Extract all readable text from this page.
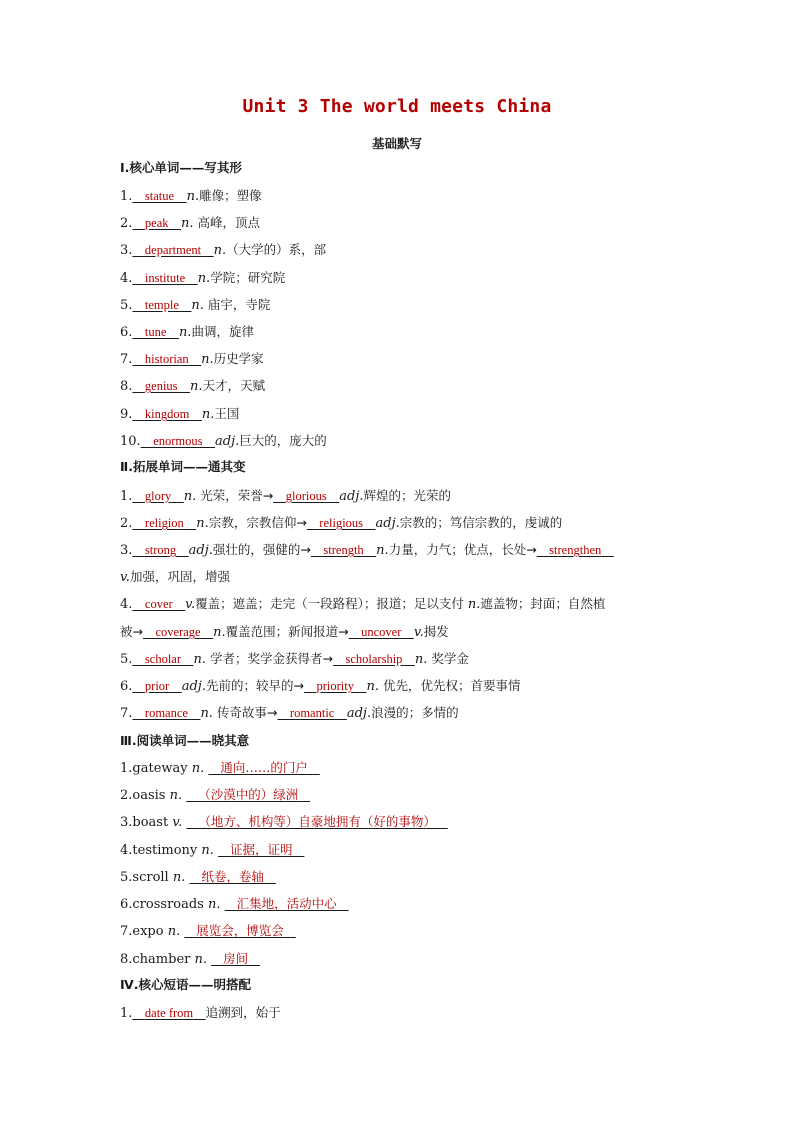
Unit 3 The world meets China
基础默写
Ⅰ.核心单词——写其形
1. statue n.雕像；塑像
2. peak n. 高峰，顶点
3. department n.（大学的）系，部
4. institute n.学院；研究院
5. temple n. 庙宇，寺院
6. tune n.曲调，旋律
7. historian n.历史学家
8. genius n.天才，天赋
9. kingdom n.王国
10. enormous adj.巨大的，庞大的
Ⅱ.拓展单词——通其变
1. glory n. 光荣，荣誉→ glorious adj.辉煌的；光荣的
2. religion n.宗教，宗教信仰→ religious adj.宗教的；笃信宗教的，虔诚的
3. strong adj.强壮的，强健的→ strength n.力量，力气；优点，长处→ strengthen
v.加强，巩固，增强
4. cover v.覆盖；遮盖；走完（一段路程）；报道；足以支付 n.遮盖物；封面；自然植
被→ coverage n.覆盖范围；新闻报道→ uncover v.揭发
5. scholar n. 学者；奖学金获得者→ scholarship n. 奖学金
6. prior adj.先前的；较早的→ priority n. 优先，优先权；首要事情
7. romance n. 传奇故事→ romantic adj.浪漫的；多情的
Ⅲ.阅读单词——晓其意
1.gateway n. 通向……的门户
2.oasis n. （沙漠中的）绿洲
3.boast v. （地方、机构等）自豪地拥有（好的事物）
4.testimony n. 证据，证明
5.scroll n. 纸卷，卷轴
6.crossroads n. 汇集地，活动中心
7.expo n. 展览会，博览会
8.chamber n. 房间
Ⅳ.核心短语——明搭配
1. date from 追溯到，始于
